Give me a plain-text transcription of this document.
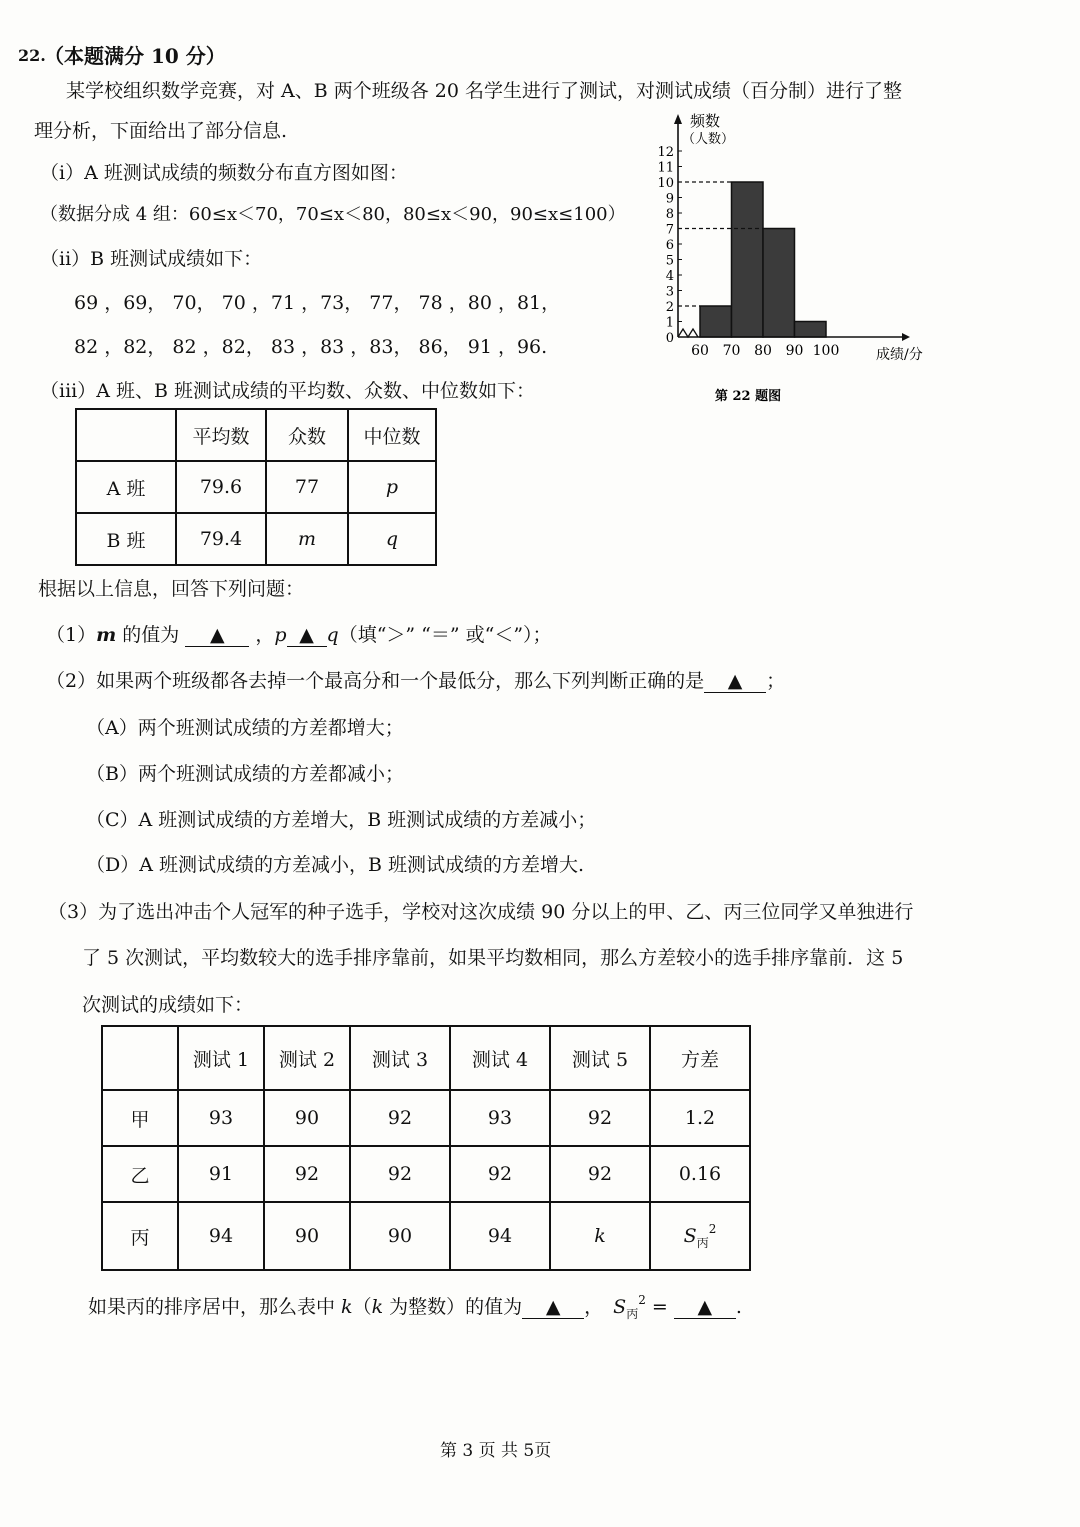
22.
（本题满分 10 分）
某学校组织数学竞赛，对 A、B 两个班级各 20 名学生进行了测试，对测试成绩（百分制）进行了整
理分析，下面给出了部分信息.
（i）A 班测试成绩的频数分布直方图如图：
（数据分成 4 组：60≤x＜70，70≤x＜80，80≤x＜90，90≤x≤100）
（ii）B 班测试成绩如下：
69 ，69， 70， 70 ，71 ，73， 77， 78 ，80 ，81，
82 ，82， 82 ，82， 83 ，83 ，83， 86， 91 ，96.
（iii）A 班、B 班测试成绩的平均数、众数、中位数如下：
0
1
2
3
4
5
6
7
8
9
10
11
12
60 70 80 90 100
频数
（人数）
成绩/分
第 22 题图
	平均数	众数	中位数
A 班	79.6	77	p
B 班	79.4	m	q
根据以上信息，回答下列问题：
（1）m 的值为 ▲ ，p ▲ q（填“＞” “＝” 或“＜”）；
（2）如果两个班级都各去掉一个最高分和一个最低分，那么下列判断正确的是 ▲ ；
（A）两个班测试成绩的方差都增大；
（B）两个班测试成绩的方差都减小；
（C）A 班测试成绩的方差增大，B 班测试成绩的方差减小；
（D）A 班测试成绩的方差减小，B 班测试成绩的方差增大.
（3）为了选出冲击个人冠军的种子选手，学校对这次成绩 90 分以上的甲、乙、丙三位同学又单独进行
了 5 次测试，平均数较大的选手排序靠前，如果平均数相同，那么方差较小的选手排序靠前．这 5
次测试的成绩如下：
	测试 1	测试 2	测试 3	测试 4	测试 5	方差
甲	93	90	92	93	92	1.2
乙	91	92	92	92	92	0.16
丙	94	90	90	94	k	$S_丙^2$
如果丙的排序居中，那么表中 k（k 为整数）的值为 ▲ ， $S_丙^2$ = ▲ .
第 3 页 共 5页
